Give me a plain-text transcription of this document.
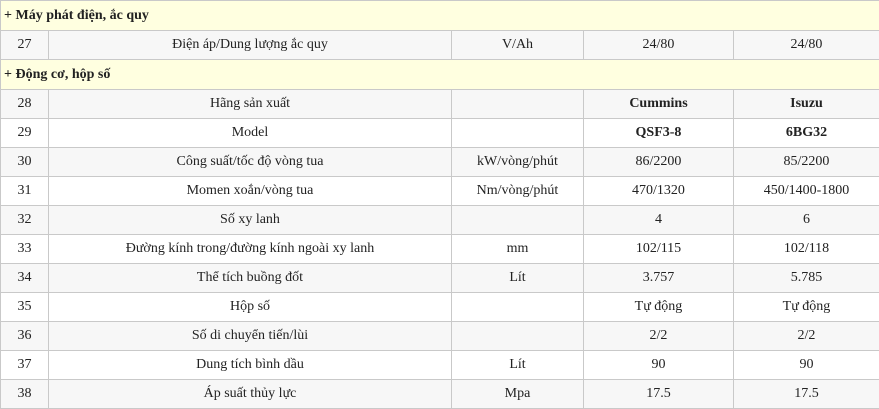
+ Máy phát điện, ắc quy				
27	Điện áp/Dung lượng ắc quy	V/Ah	24/80	24/80
+ Động cơ, hộp số				
28	Hãng sản xuất		Cummins	Isuzu
29	Model		QSF3-8	6BG32
30	Công suất/tốc độ vòng tua	kW/vòng/phút	86/2200	85/2200
31	Momen xoắn/vòng tua	Nm/vòng/phút	470/1320	450/1400-1800
32	Số xy lanh		4	6
33	Đường kính trong/đường kính ngoài xy lanh	mm	102/115	102/118
34	Thể tích buồng đốt	Lít	3.757	5.785
35	Hộp số		Tự động	Tự động
36	Số di chuyển tiến/lùi		2/2	2/2
37	Dung tích bình dầu	Lít	90	90
38	Áp suất thủy lực	Mpa	17.5	17.5
